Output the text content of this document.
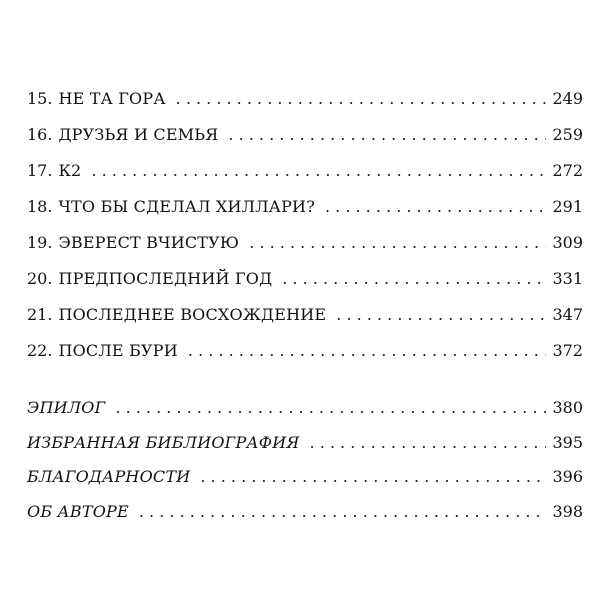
15. НЕ ТА ГОРА . . .	249
16. ДРУЗЬЯ И СЕМЬЯ . . .	259
17. К2 . . .	272
18. ЧТО БЫ СДЕЛАЛ ХИЛЛАРИ? . . .	291
19. ЭВЕРЕСТ ВЧИСТУЮ . . .	309
20. ПРЕДПОСЛЕДНИЙ ГОД . . .	331
21. ПОСЛЕДНЕЕ ВОСХОЖДЕНИЕ . . .	347
22. ПОСЛЕ БУРИ . . .	372
ЭПИЛОГ . . .	380
ИЗБРАННАЯ БИБЛИОГРАФИЯ . . .	395
БЛАГОДАРНОСТИ . . .	396
ОБ АВТОРЕ . . .	398
